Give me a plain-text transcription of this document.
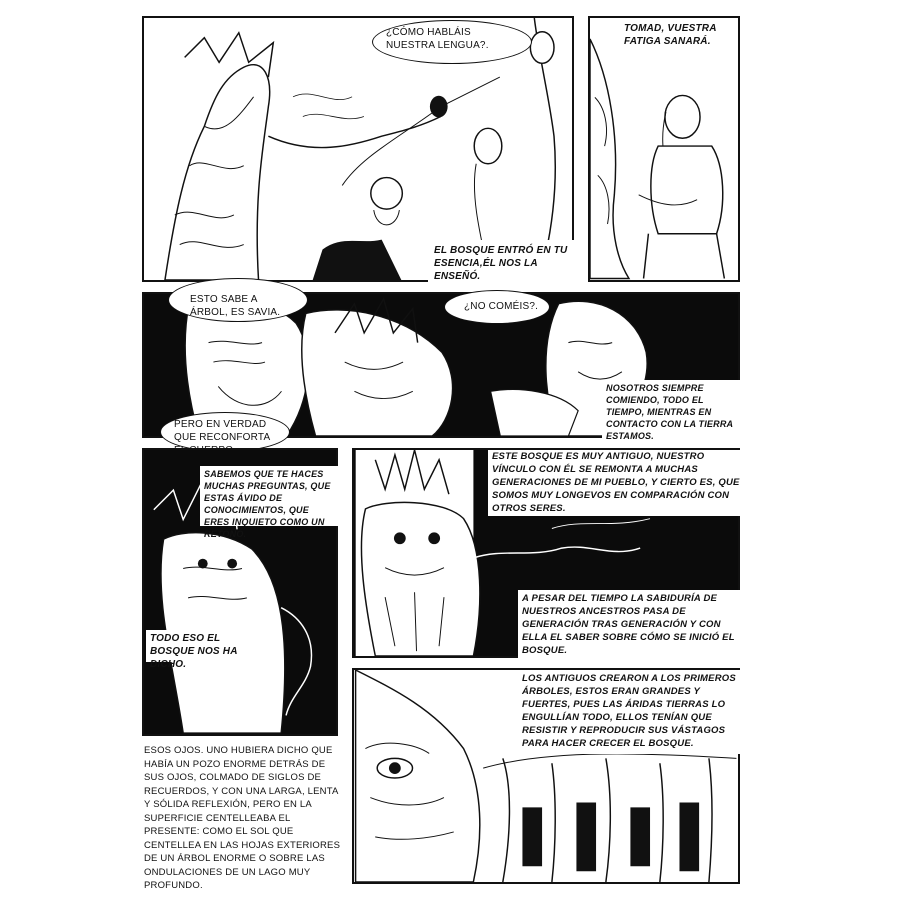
¿CÓMO HABLÁIS NUESTRA LENGUA?.

EL BOSQUE ENTRÓ EN TU ESENCIA,ÉL NOS LA ENSEÑÓ.

TOMAD, VUESTRA FATIGA SANARÁ.

ESTO SABE A ÁRBOL, ES SAVIA.

PERO EN VERDAD QUE RECONFORTA

¿NO COMÉIS?.

NOSOTROS SIEMPRE COMIENDO, TODO EL TIEMPO, MIENTRAS EN CONTACTO CON LA TIERRA ESTAMOS.

SABEMOS QUE TE HACES MUCHAS PREGUNTAS, QUE ESTAS ÁVIDO DE CONOCIMIENTOS, QUE ERES INQUIETO COMO UN RETOÑO.

TODO ESO EL BOSQUE NOS HA DICHO.

ESTE BOSQUE ES MUY ANTIGUO, NUESTRO VÍNCULO CON ÉL SE REMONTA A MUCHAS GENERACIONES DE MI PUEBLO, Y CIERTO ES, QUE SOMOS MUY LONGEVOS EN COMPARACIÓN CON OTROS SERES.

A PESAR DEL TIEMPO LA SABIDURÍA DE NUESTROS ANCESTROS PASA DE GENERACIÓN TRAS GENERACIÓN Y CON ELLA EL SABER SOBRE CÓMO SE INICIÓ EL BOSQUE.

LOS ANTIGUOS CREARON A LOS PRIMEROS ÁRBOLES, ESTOS ERAN GRANDES Y FUERTES, PUES LAS ÁRIDAS TIERRAS LO ENGULLÍAN TODO, ELLOS TENÍAN QUE RESISTIR Y REPRODUCIR SUS VÁSTAGOS PARA HACER CRECER EL BOSQUE.

ESOS OJOS. UNO HUBIERA DICHO QUE HABÍA UN POZO ENORME DETRÁS DE SUS OJOS, COLMADO DE SIGLOS DE RECUERDOS, Y CON UNA LARGA, LENTA Y SÓLIDA REFLEXIÓN, PERO EN LA SUPERFICIE CENTELLEABA EL PRESENTE: COMO EL SOL QUE CENTELLEA EN LAS HOJAS EXTERIORES DE UN ÁRBOL ENORME O SOBRE LAS ONDULACIONES DE UN LAGO MUY PROFUNDO.
